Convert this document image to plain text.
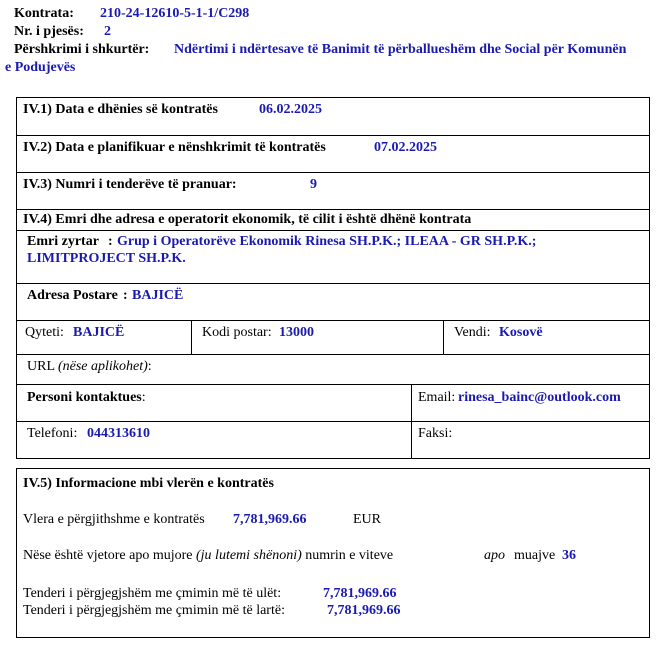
Kontrata: 210-24-12610-5-1-1/C298
Nr. i pjesës: 2
Përshkrimi i shkurtër: Ndërtimi i ndërtesave të Banimit të përballueshëm dhe Social për Komunën
e Podujevës
IV.1) Data e dhënies së kontratës	06.02.2025
IV.2) Data e planifikuar e nënshkrimit të kontratës	07.02.2025
IV.3) Numri i tenderëve të pranuar:	9
IV.4) Emri dhe adresa e operatorit ekonomik, të cilit i është dhënë kontrata
Emri zyrtar : Grup i Operatorëve Ekonomik Rinesa SH.P.K.; ILEAA - GR SH.P.K.;
LIMITPROJECT SH.P.K.
Adresa Postare : BAJICË
Qyteti: BAJICË	Kodi postar: 13000	Vendi: Kosovë
URL (nëse aplikohet):
Personi kontaktues:	Email: rinesa_bainc@outlook.com
Telefoni: 044313610	Faksi:
IV.5) Informacione mbi vlerën e kontratës
Vlera e përgjithshme e kontratës 7,781,969.66	EUR
Nëse është vjetore apo mujore (ju lutemi shënoni) numrin e viteve	apo muajve 36
Tenderi i përgjegjshëm me çmimin më të ulët:	7,781,969.66
Tenderi i përgjegjshëm me çmimin më të lartë:	7,781,969.66
